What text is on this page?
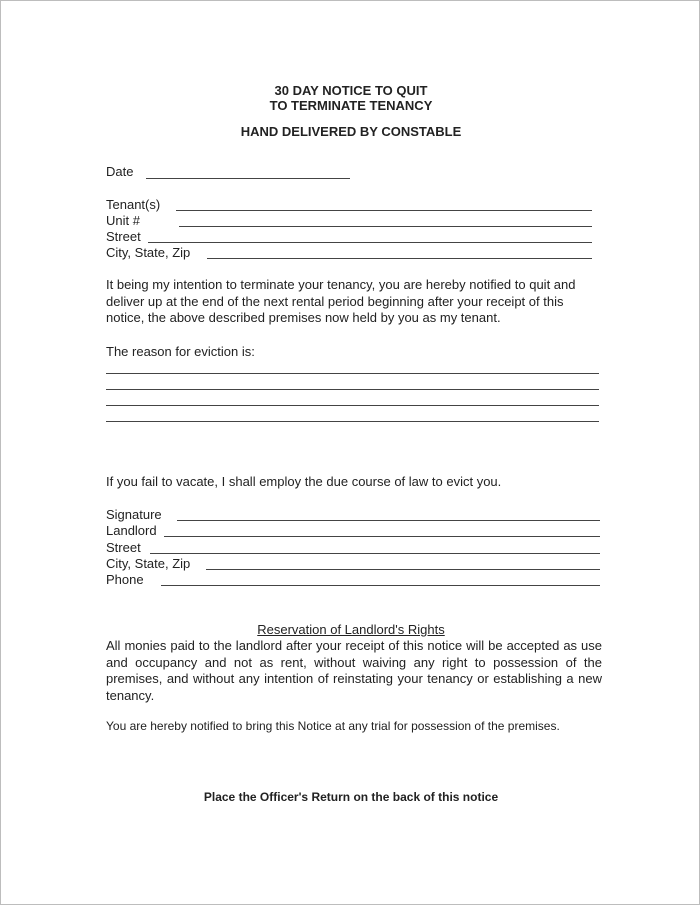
30 DAY NOTICE TO QUIT
TO TERMINATE TENANCY
HAND DELIVERED BY CONSTABLE
Date
Tenant(s)
Unit #
Street
City, State, Zip
It being my intention to terminate your tenancy, you are hereby notified to quit and deliver up at the end of the next rental period beginning after your receipt of this notice, the above described premises now held by you as my tenant.
The reason for eviction is:
If you fail to vacate, I shall employ the due course of law to evict you.
Signature
Landlord
Street
City, State, Zip
Phone
Reservation of Landlord's Rights
All monies paid to the landlord after your receipt of this notice will be accepted as use and occupancy and not as rent, without waiving any right to possession of the premises, and without any intention of reinstating your tenancy or establishing a new tenancy.
You are hereby notified to bring this Notice at any trial for possession of the premises.
Place the Officer's Return on the back of this notice
